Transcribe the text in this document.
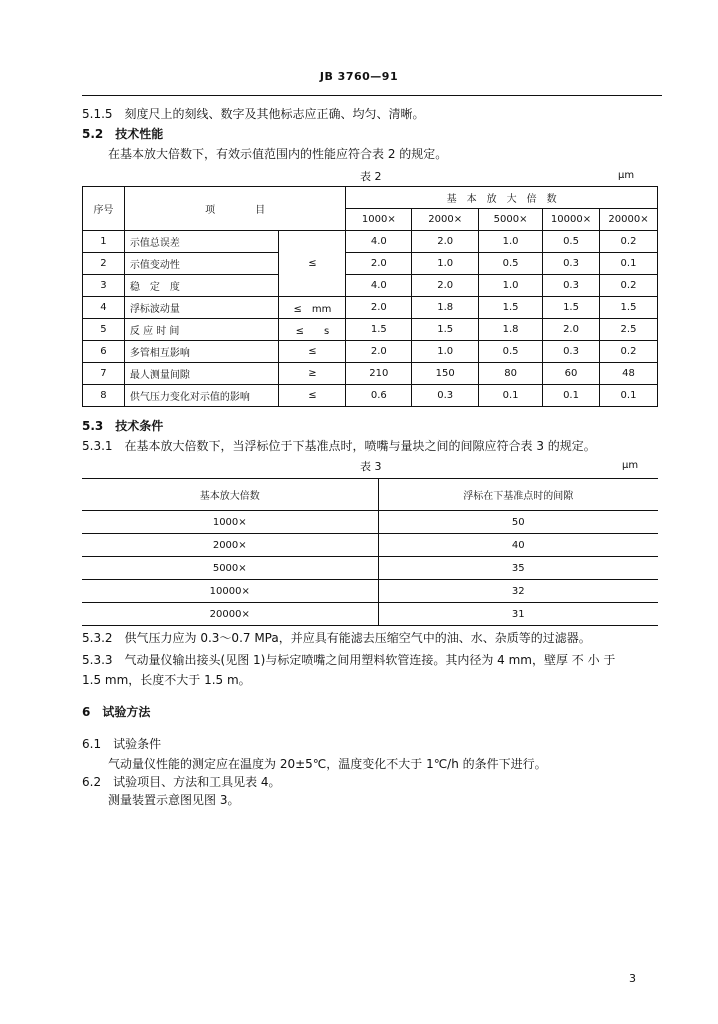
JB 3760—91
5.1.5　刻度尺上的刻线、数字及其他标志应正确、均匀、清晰。
5.2　技术性能
在基本放大倍数下，有效示值范围内的性能应符合表 2 的规定。
表 2	μm
序号	项　　　　目		基　本　放　大　倍　数				
			1000×	2000×	5000×	10000×	20000×
1	示值总误差	≤	4.0	2.0	1.0	0.5	0.2
2	示值变动性		2.0	1.0	0.5	0.3	0.1
3	稳　定　度		4.0	2.0	1.0	0.3	0.2
4	浮标波动量	≤　mm	2.0	1.8	1.5	1.5	1.5
5	反 应 时 间	≤　　s	1.5	1.5	1.8	2.0	2.5
6	多管相互影响	≤	2.0	1.0	0.5	0.3	0.2
7	最人测量间隙	≥	210	150	80	60	48
8	供气压力变化对示值的影响	≤	0.6	0.3	0.1	0.1	0.1
5.3　技术条件
5.3.1　在基本放大倍数下，当浮标位于下基准点时，喷嘴与量块之间的间隙应符合表 3 的规定。
表 3	μm
基本放大倍数	浮标在下基准点时的间隙
1000×	50
2000×	40
5000×	35
10000×	32
20000×	31
5.3.2　供气压力应为 0.3～0.7 MPa，并应具有能滤去压缩空气中的油、水、杂质等的过滤器。
5.3.3　气动量仪输出接头(见图 1)与标定喷嘴之间用塑料软管连接。其内径为 4 mm，壁厚 不 小 于
1.5 mm，长度不大于 1.5 m。
6　试验方法
6.1　试验条件
气动量仪性能的测定应在温度为 20±5℃，温度变化不大于 1℃/h 的条件下进行。
6.2　试验项目、方法和工具见表 4。
测量装置示意图见图 3。
3
